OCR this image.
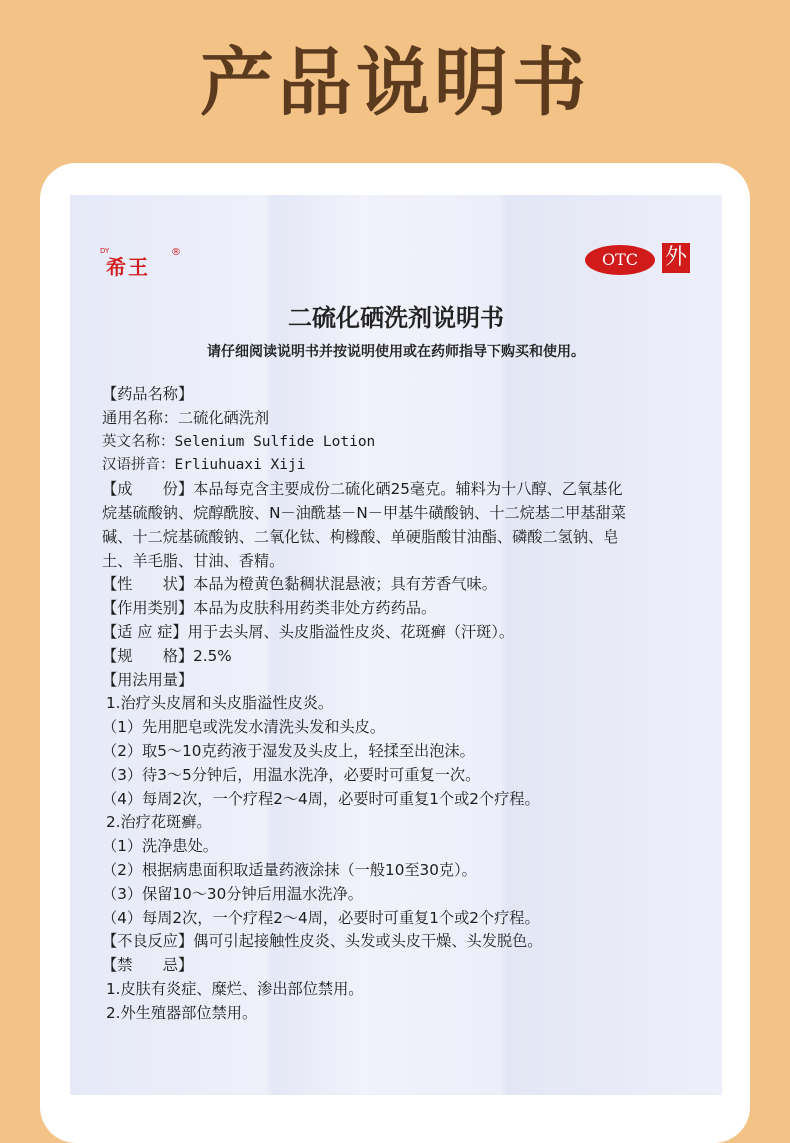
产品说明书
DY
希王
®	OTC	外
二硫化硒洗剂说明书
请仔细阅读说明书并按说明使用或在药师指导下购买和使用。
【药品名称】
通用名称：二硫化硒洗剂
英文名称：Selenium Sulfide Lotion
汉语拼音：Erliuhuaxi Xiji
【成　　份】本品每克含主要成份二硫化硒25毫克。辅料为十八醇、乙氧基化
烷基硫酸钠、烷醇酰胺、N－油酰基－N－甲基牛磺酸钠、十二烷基二甲基甜菜
碱、十二烷基硫酸钠、二氧化钛、枸橼酸、单硬脂酸甘油酯、磷酸二氢钠、皂
土、羊毛脂、甘油、香精。
【性　　状】本品为橙黄色黏稠状混悬液；具有芳香气味。
【作用类别】本品为皮肤科用药类非处方药药品。
【适 应 症】用于去头屑、头皮脂溢性皮炎、花斑癣（汗斑）。
【规　　格】2.5%
【用法用量】
1.治疗头皮屑和头皮脂溢性皮炎。
（1）先用肥皂或洗发水清洗头发和头皮。
（2）取5～10克药液于湿发及头皮上，轻揉至出泡沫。
（3）待3～5分钟后，用温水洗净，必要时可重复一次。
（4）每周2次，一个疗程2～4周，必要时可重复1个或2个疗程。
2.治疗花斑癣。
（1）洗净患处。
（2）根据病患面积取适量药液涂抹（一般10至30克）。
（3）保留10～30分钟后用温水洗净。
（4）每周2次，一个疗程2～4周，必要时可重复1个或2个疗程。
【不良反应】偶可引起接触性皮炎、头发或头皮干燥、头发脱色。
【禁　　忌】
1.皮肤有炎症、糜烂、渗出部位禁用。
2.外生殖器部位禁用。
